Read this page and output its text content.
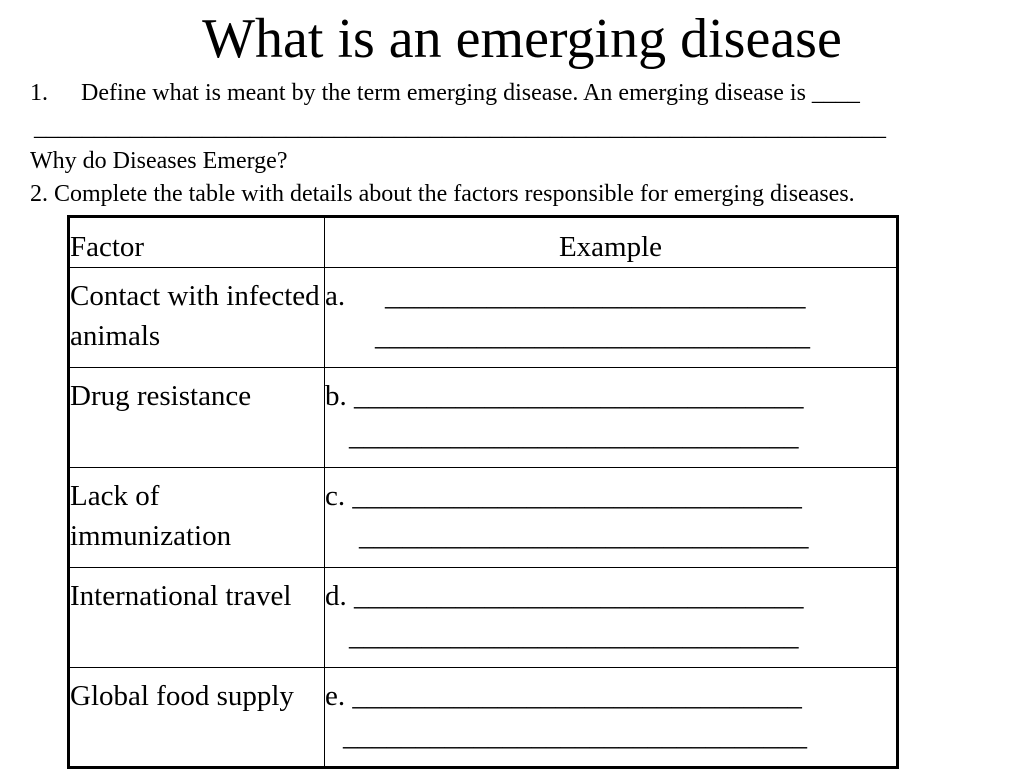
What is an emerging disease
1. Define what is meant by the term emerging disease. An emerging disease is ____
_______________________________________________________________________
Why do Diseases Emerge?
2. Complete the table with details about the factors responsible for emerging diseases.
Factor	Example
Contact with infected animals	a. _____________________________
______________________________

Drug resistance	b. _______________________________
_______________________________

Lack of immunization	c. _______________________________
_______________________________

International travel	d. _______________________________
_______________________________

Global food supply	e. _______________________________
________________________________
